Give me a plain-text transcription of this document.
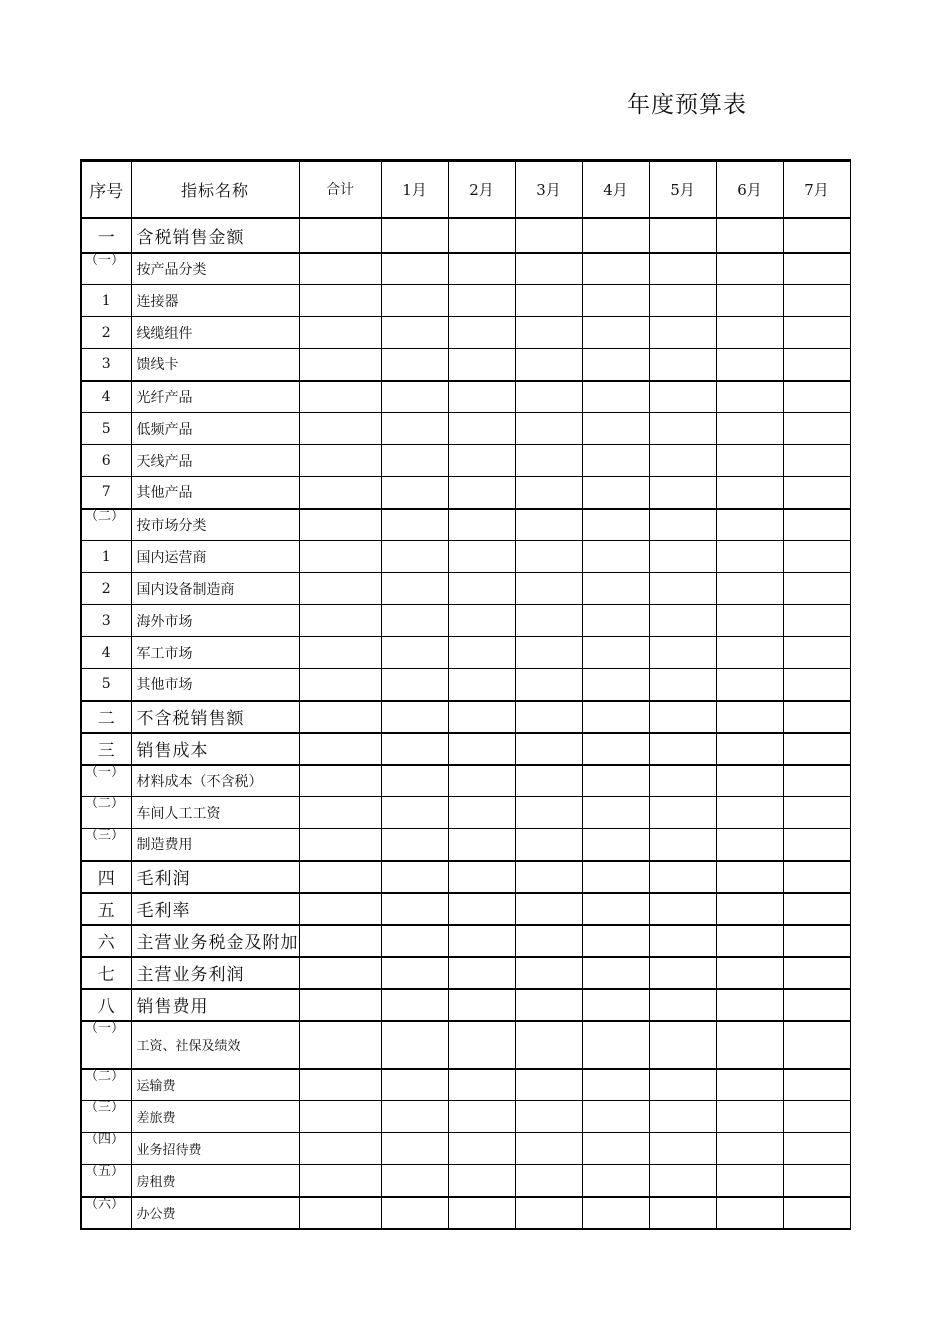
年度预算表
序号	指标名称	合计	1月	2月	3月	4月	5月	6月	7月
一	含税销售金额								
（一）	按产品分类								
1	连接器								
2	线缆组件								
3	馈线卡								
4	光纤产品								
5	低频产品								
6	天线产品								
7	其他产品								
（二）	按市场分类								
1	国内运营商								
2	国内设备制造商								
3	海外市场								
4	军工市场								
5	其他市场								
二	不含税销售额								
三	销售成本								
（一）	材料成本（不含税）								
（二）	车间人工工资								
（三）	制造费用								
四	毛利润								
五	毛利率								
六	主营业务税金及附加								
七	主营业务利润								
八	销售费用								
（一）	工资、社保及绩效								
（二）	运输费								
（三）	差旅费								
（四）	业务招待费								
（五）	房租费								
（六）	办公费								
